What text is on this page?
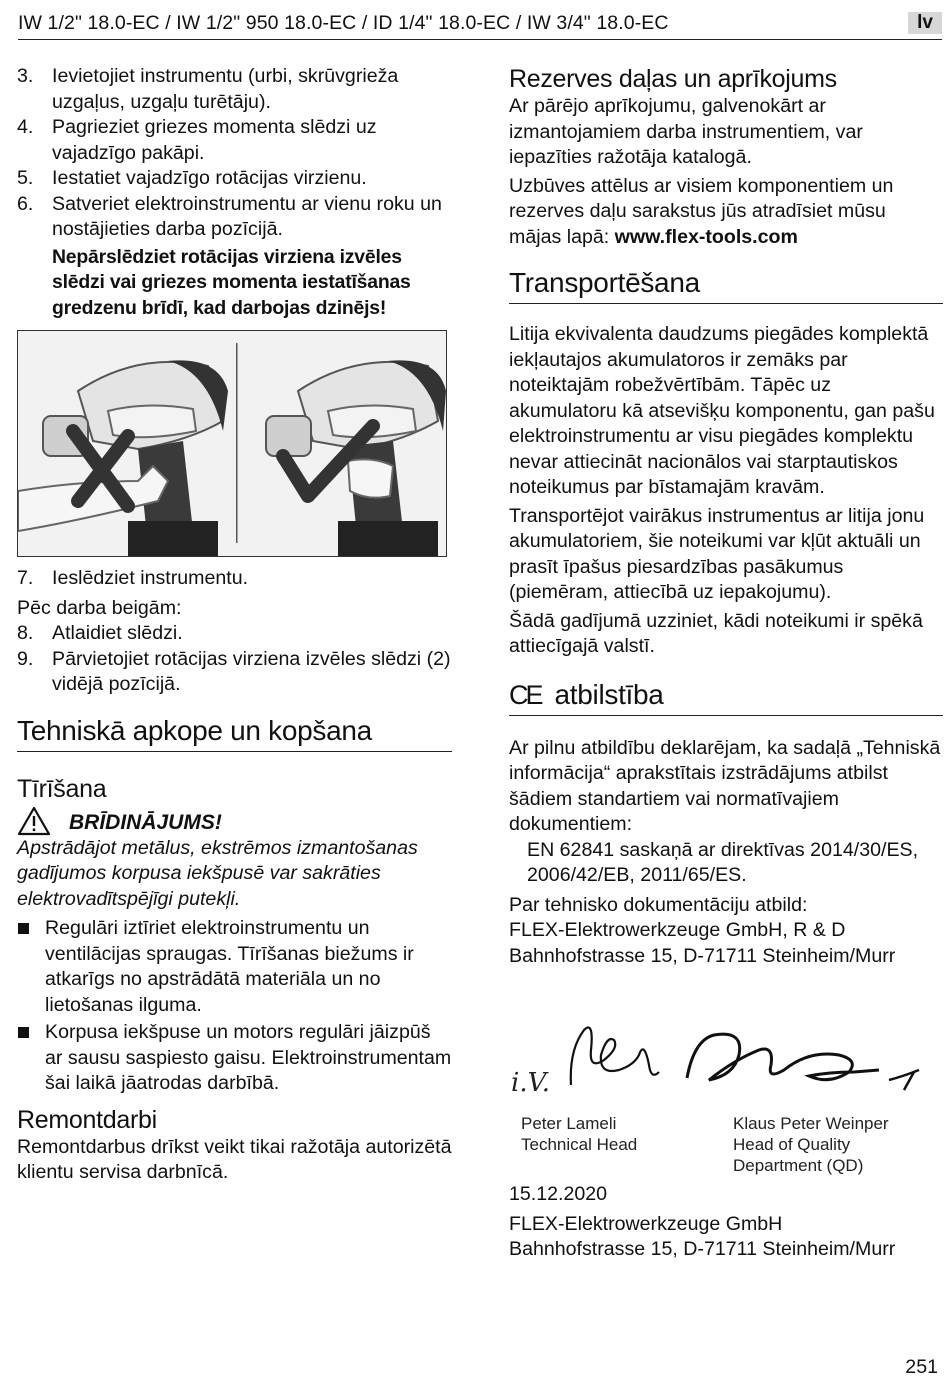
IW 1/2" 18.0-EC / IW 1/2" 950 18.0-EC / ID 1/4" 18.0-EC / IW 3/4" 18.0-EC	lv
3. Ievietojiet instrumentu (urbi, skrūvgrieža uzgaļus, uzgaļu turētāju).
4. Pagrieziet griezes momenta slēdzi uz vajadzīgo pakāpi.
5. Iestatiet vajadzīgo rotācijas virzienu.
6. Satveriet elektroinstrumentu ar vienu roku un nostājieties darba pozīcijā.
Nepārslēdziet rotācijas virziena izvēles slēdzi vai griezes momenta iestatīšanas gredzenu brīdī, kad darbojas dzinējs!
7. Ieslēdziet instrumentu.
Pēc darba beigām:
8. Atlaidiet slēdzi.
9. Pārvietojiet rotācijas virziena izvēles slēdzi (2) vidējā pozīcijā.
Tehniskā apkope un kopšana
Tīrīšana
BRĪDINĀJUMS!
Apstrādājot metālus, ekstrēmos izmantošanas gadījumos korpusa iekšpusē var sakrāties elektrovadītspējīgi putekļi.
Regulāri iztīriet elektroinstrumentu un ventilācijas spraugas. Tīrīšanas biežums ir atkarīgs no apstrādātā materiāla un no lietošanas ilguma.
Korpusa iekšpuse un motors regulāri jāizpūš ar sausu saspiesto gaisu. Elektroinstrumentam šai laikā jāatrodas darbībā.
Remontdarbi
Remontdarbus drīkst veikt tikai ražotāja autorizētā klientu servisa darbnīcā.
Rezerves daļas un aprīkojums
Ar pārējo aprīkojumu, galvenokārt ar izmantojamiem darba instrumentiem, var iepazīties ražotāja katalogā.
Uzbūves attēlus ar visiem komponentiem un rezerves daļu sarakstus jūs atradīsiet mūsu mājas lapā: www.flex-tools.com
Transportēšana
Litija ekvivalenta daudzums piegādes komplektā iekļautajos akumulatoros ir zemāks par noteiktajām robežvērtībām. Tāpēc uz akumulatoru kā atsevišķu komponentu, gan pašu elektroinstrumentu ar visu piegādes komplektu nevar attiecināt nacionālos vai starptautiskos noteikumus par bīstamajām kravām.
Transportējot vairākus instrumentus ar litija jonu akumulatoriem, šie noteikumi var kļūt aktuāli un prasīt īpašus piesardzības pasākumus (piemēram, attiecībā uz iepakojumu).
Šādā gadījumā uzziniet, kādi noteikumi ir spēkā attiecīgajā valstī.
CE atbilstība
Ar pilnu atbildību deklarējam, ka sadaļā „Tehniskā informācija“ aprakstītais izstrādājums atbilst šādiem standartiem vai normatīvajiem dokumentiem:
EN 62841 saskaņā ar direktīvas 2014/30/ES, 2006/42/EB, 2011/65/ES.
Par tehnisko dokumentāciju atbild:
FLEX-Elektrowerkzeuge GmbH, R & D
Bahnhofstrasse 15, D-71711 Steinheim/Murr
i.V.
Peter Lameli
Technical Head
Klaus Peter Weinper
Head of Quality
Department (QD)
15.12.2020
FLEX-Elektrowerkzeuge GmbH
Bahnhofstrasse 15, D-71711 Steinheim/Murr
251
